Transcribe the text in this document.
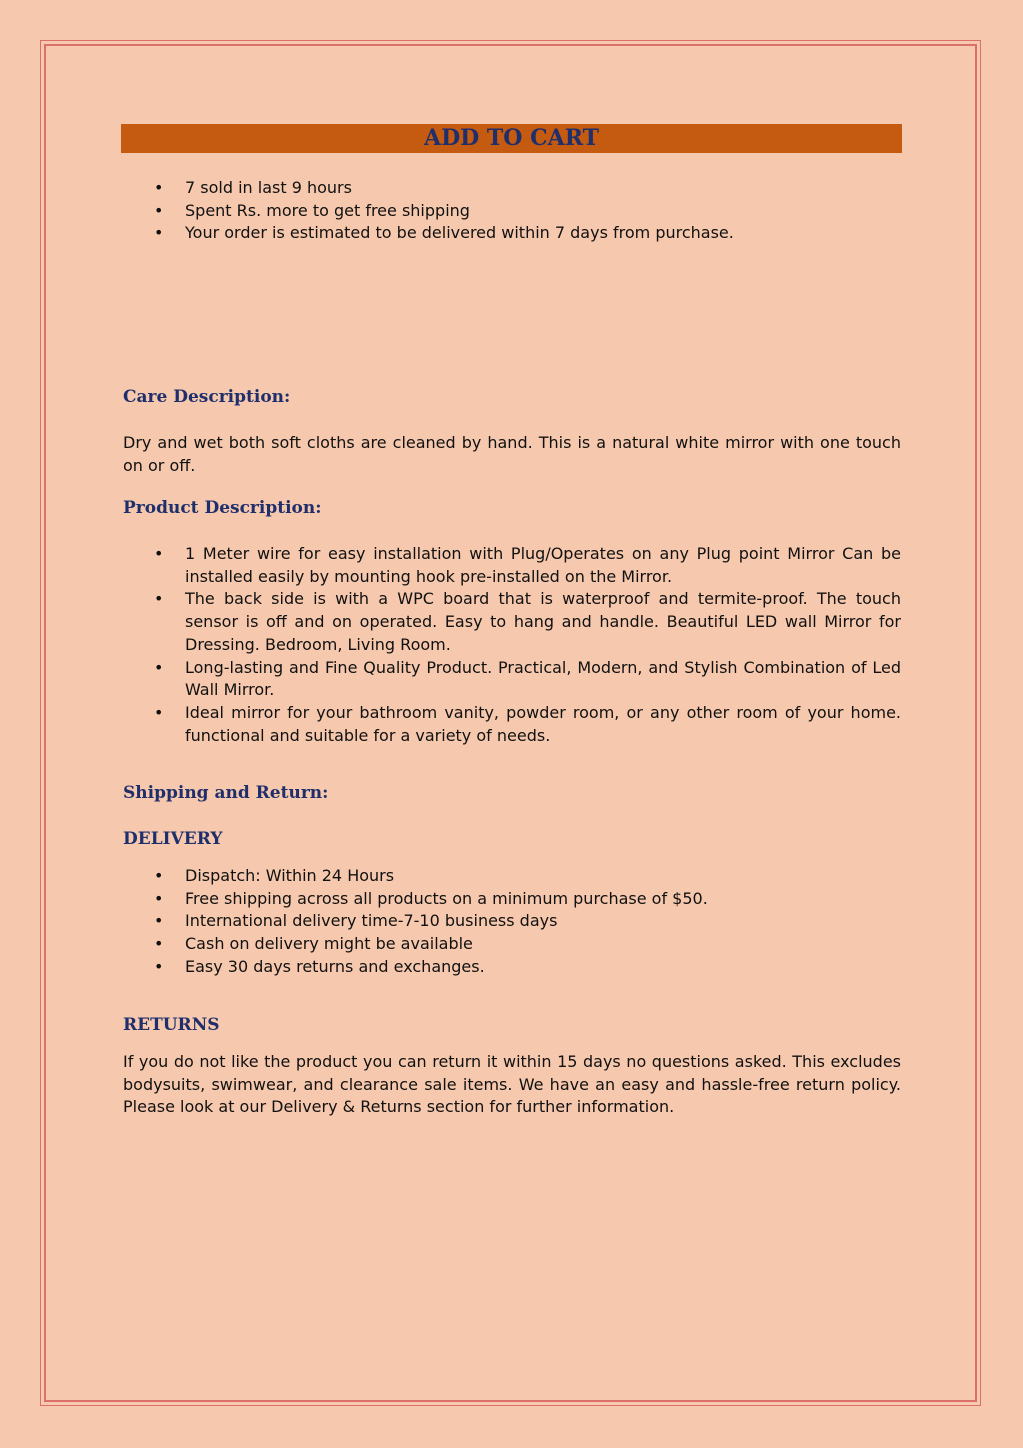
ADD TO CART
• 7 sold in last 9 hours
• Spent Rs. more to get free shipping
• Your order is estimated to be delivered within 7 days from purchase.
Care Description:
Dry and wet both soft cloths are cleaned by hand. This is a natural white mirror with one touch on or off.
Product Description:
• 1 Meter wire for easy installation with Plug/Operates on any Plug point Mirror Can be installed easily by mounting hook pre-installed on the Mirror.
• The back side is with a WPC board that is waterproof and termite-proof. The touch sensor is off and on operated. Easy to hang and handle. Beautiful LED wall Mirror for Dressing. Bedroom, Living Room.
• Long-lasting and Fine Quality Product. Practical, Modern, and Stylish Combination of Led Wall Mirror.
• Ideal mirror for your bathroom vanity, powder room, or any other room of your home. functional and suitable for a variety of needs.
Shipping and Return:
DELIVERY
• Dispatch: Within 24 Hours
• Free shipping across all products on a minimum purchase of $50.
• International delivery time-7-10 business days
• Cash on delivery might be available
• Easy 30 days returns and exchanges.
RETURNS
If you do not like the product you can return it within 15 days no questions asked. This excludes bodysuits, swimwear, and clearance sale items. We have an easy and hassle-free return policy. Please look at our Delivery & Returns section for further information.
